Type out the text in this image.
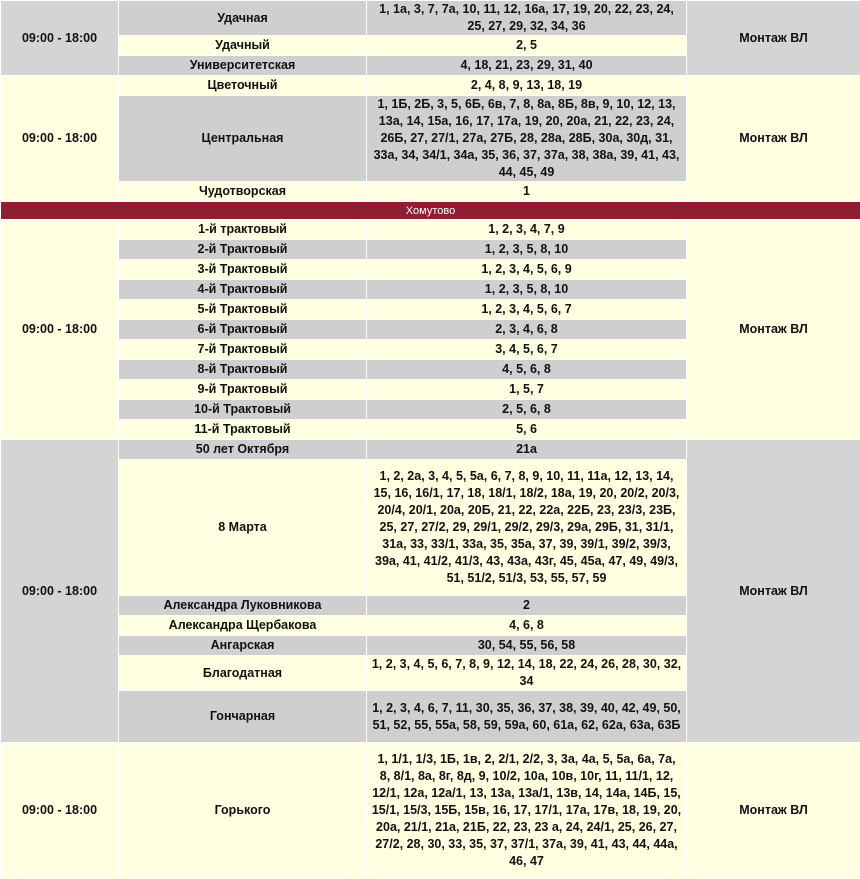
09:00 - 18:00	Удачная	1, 1а, 3, 7, 7а, 10, 11, 12, 16а, 17, 19, 20, 22, 23, 24, 25, 27, 29, 32, 34, 36	Монтаж ВЛ
	Удачный	2, 5	
	Университетская	4, 18, 21, 23, 29, 31, 40	
09:00 - 18:00	Цветочный	2, 4, 8, 9, 13, 18, 19	Монтаж ВЛ
	Центральная	1, 1Б, 2Б, 3, 5, 6Б, 6в, 7, 8, 8а, 8Б, 8в, 9, 10, 12, 13, 13а, 14, 15а, 16, 17, 17а, 19, 20, 20а, 21, 22, 23, 24, 26Б, 27, 27/1, 27а, 27Б, 28, 28а, 28Б, 30а, 30д, 31, 33а, 34, 34/1, 34а, 35, 36, 37, 37а, 38, 38а, 39, 41, 43, 44, 45, 49	
	Чудотворская	1	
Хомутово			
09:00 - 18:00	1-й трактовый	1, 2, 3, 4, 7, 9	Монтаж ВЛ
	2-й Трактовый	1, 2, 3, 5, 8, 10	
	3-й Трактовый	1, 2, 3, 4, 5, 6, 9	
	4-й Трактовый	1, 2, 3, 5, 8, 10	
	5-й Трактовый	1, 2, 3, 4, 5, 6, 7	
	6-й Трактовый	2, 3, 4, 6, 8	
	7-й Трактовый	3, 4, 5, 6, 7	
	8-й Трактовый	4, 5, 6, 8	
	9-й Трактовый	1, 5, 7	
	10-й Трактовый	2, 5, 6, 8	
	11-й Трактовый	5, 6	
09:00 - 18:00	50 лет Октября	21а	Монтаж ВЛ
	8 Марта	1, 2, 2а, 3, 4, 5, 5а, 6, 7, 8, 9, 10, 11, 11а, 12, 13, 14, 15, 16, 16/1, 17, 18, 18/1, 18/2, 18а, 19, 20, 20/2, 20/3, 20/4, 20/1, 20а, 20Б, 21, 22, 22а, 22Б, 23, 23/3, 23Б, 25, 27, 27/2, 29, 29/1, 29/2, 29/3, 29а, 29Б, 31, 31/1, 31а, 33, 33/1, 33а, 35, 35а, 37, 39, 39/1, 39/2, 39/3, 39а, 41, 41/2, 41/3, 43, 43а, 43г, 45, 45а, 47, 49, 49/3, 51, 51/2, 51/3, 53, 55, 57, 59	
	Александра Луковникова	2	
	Александра Щербакова	4, 6, 8	
	Ангарская	30, 54, 55, 56, 58	
	Благодатная	1, 2, 3, 4, 5, 6, 7, 8, 9, 12, 14, 18, 22, 24, 26, 28, 30, 32, 34	
	Гончарная	1, 2, 3, 4, 6, 7, 11, 30, 35, 36, 37, 38, 39, 40, 42, 49, 50, 51, 52, 55, 55а, 58, 59, 59а, 60, 61а, 62, 62а, 63а, 63Б	
09:00 - 18:00	Горького	1, 1/1, 1/3, 1Б, 1в, 2, 2/1, 2/2, 3, 3а, 4а, 5, 5а, 6а, 7а, 8, 8/1, 8а, 8г, 8д, 9, 10/2, 10а, 10в, 10г, 11, 11/1, 12, 12/1, 12а, 12а/1, 13, 13а, 13а/1, 13в, 14, 14а, 14Б, 15, 15/1, 15/3, 15Б, 15в, 16, 17, 17/1, 17а, 17в, 18, 19, 20, 20а, 21/1, 21а, 21Б, 22, 23, 23 а, 24, 24/1, 25, 26, 27, 27/2, 28, 30, 33, 35, 37, 37/1, 37а, 39, 41, 43, 44, 44а, 46, 47	Монтаж ВЛ
